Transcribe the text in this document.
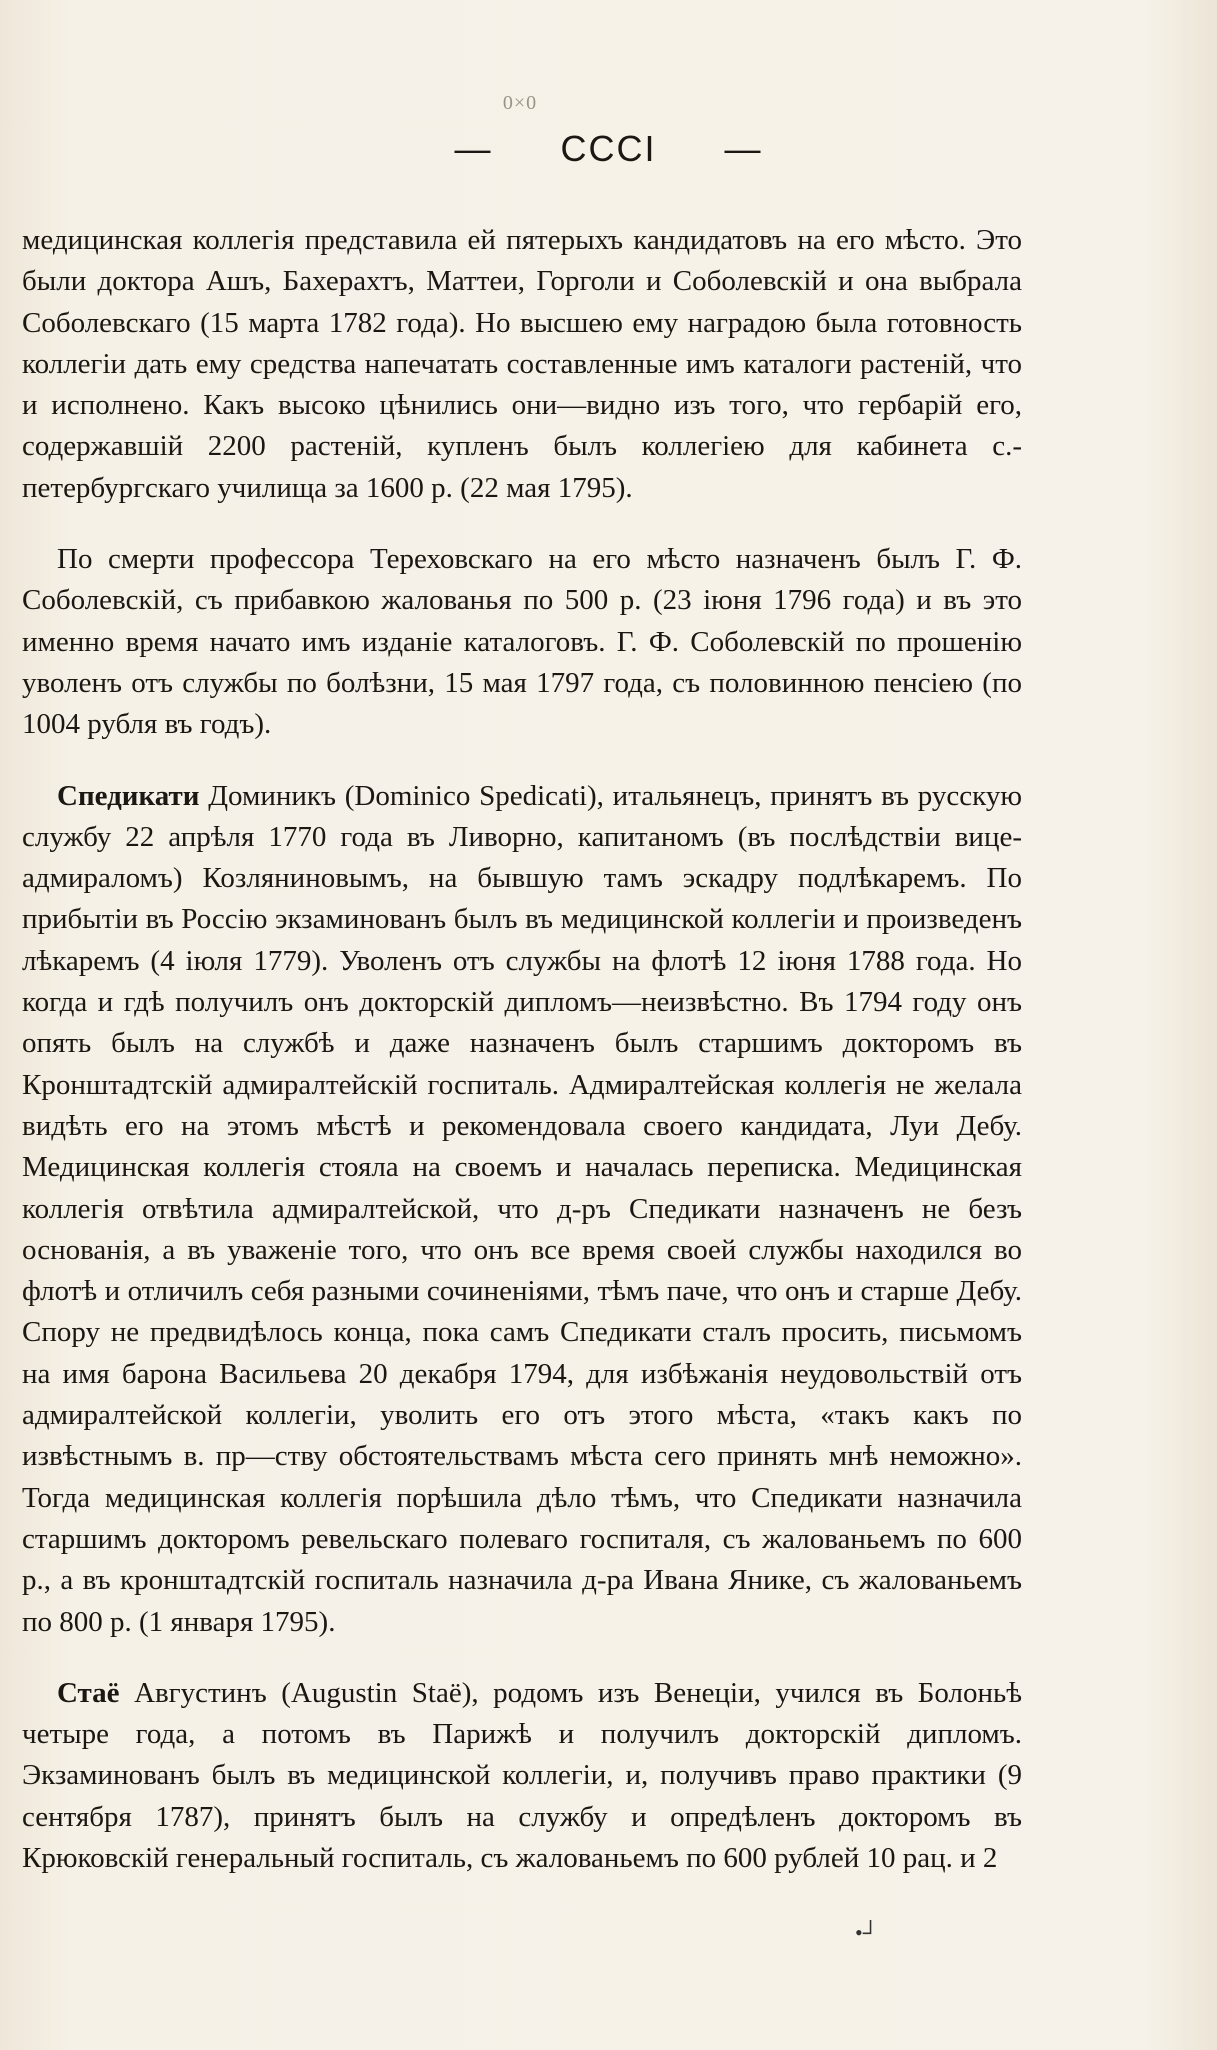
0×0
— CCCI —

медицинская коллегія представила ей пятерыхъ кандидатовъ на его мѣсто. Это были доктора Ашъ, Бахерахтъ, Маттеи, Горголи и Соболевскій и она выбрала Соболевскаго (15 марта 1782 года). Но высшею ему наградою была готовность коллегіи дать ему средства напечатать составленные имъ каталоги растеній, что и исполнено. Какъ высоко цѣнились они—видно изъ того, что гербарій его, содержавшій 2200 растеній, купленъ былъ коллегіею для кабинета с.-петербургскаго училища за 1600 р. (22 мая 1795).

По смерти профессора Тереховскаго на его мѣсто назначенъ былъ Г. Ф. Соболевскій, съ прибавкою жалованья по 500 р. (23 іюня 1796 года) и въ это именно время начато имъ изданіе каталоговъ. Г. Ф. Соболевскій по прошенію уволенъ отъ службы по болѣзни, 15 мая 1797 года, съ половинною пенсіею (по 1004 рубля въ годъ).

Спедикати Доминикъ (Dominico Spedicati), итальянецъ, принятъ въ русскую службу 22 апрѣля 1770 года въ Ливорно, капитаномъ (въ послѣдствіи вице-адмираломъ) Козляниновымъ, на бывшую тамъ эскадру подлѣкаремъ. По прибытіи въ Россію экзаминованъ былъ въ медицинской коллегіи и произведенъ лѣкаремъ (4 іюля 1779). Уволенъ отъ службы на флотѣ 12 іюня 1788 года. Но когда и гдѣ получилъ онъ докторскій дипломъ—неизвѣстно. Въ 1794 году онъ опять былъ на службѣ и даже назначенъ былъ старшимъ докторомъ въ Кронштадтскій адмиралтейскій госпиталь. Адмиралтейская коллегія не желала видѣть его на этомъ мѣстѣ и рекомендовала своего кандидата, Луи Дебу. Медицинская коллегія стояла на своемъ и началась переписка. Медицинская коллегія отвѣтила адмиралтейской, что д-ръ Спедикати назначенъ не безъ основанія, а въ уваженіе того, что онъ все время своей службы находился во флотѣ и отличилъ себя разными сочиненіями, тѣмъ паче, что онъ и старше Дебу. Спору не предвидѣлось конца, пока самъ Спедикати сталъ просить, письмомъ на имя барона Васильева 20 декабря 1794, для избѣжанія неудовольствій отъ адмиралтейской коллегіи, уволить его отъ этого мѣста, «такъ какъ по извѣстнымъ в. пр—ству обстоятельствамъ мѣста сего принять мнѣ неможно». Тогда медицинская коллегія порѣшила дѣло тѣмъ, что Спедикати назначила старшимъ докторомъ ревельскаго полеваго госпиталя, съ жалованьемъ по 600 р., а въ кронштадтскій госпиталь назначила д-ра Ивана Янике, съ жалованьемъ по 800 р. (1 января 1795).

Стаё Августинъ (Augustin Staë), родомъ изъ Венеціи, учился въ Болоньѣ четыре года, а потомъ въ Парижѣ и получилъ докторскій дипломъ. Экзаминованъ былъ въ медицинской коллегіи, и, получивъ право практики (9 сентября 1787), принятъ былъ на службу и опредѣленъ докторомъ въ Крюковскій генеральный госпиталь, съ жалованьемъ по 600 рублей 10 рац. и 2

•┘
